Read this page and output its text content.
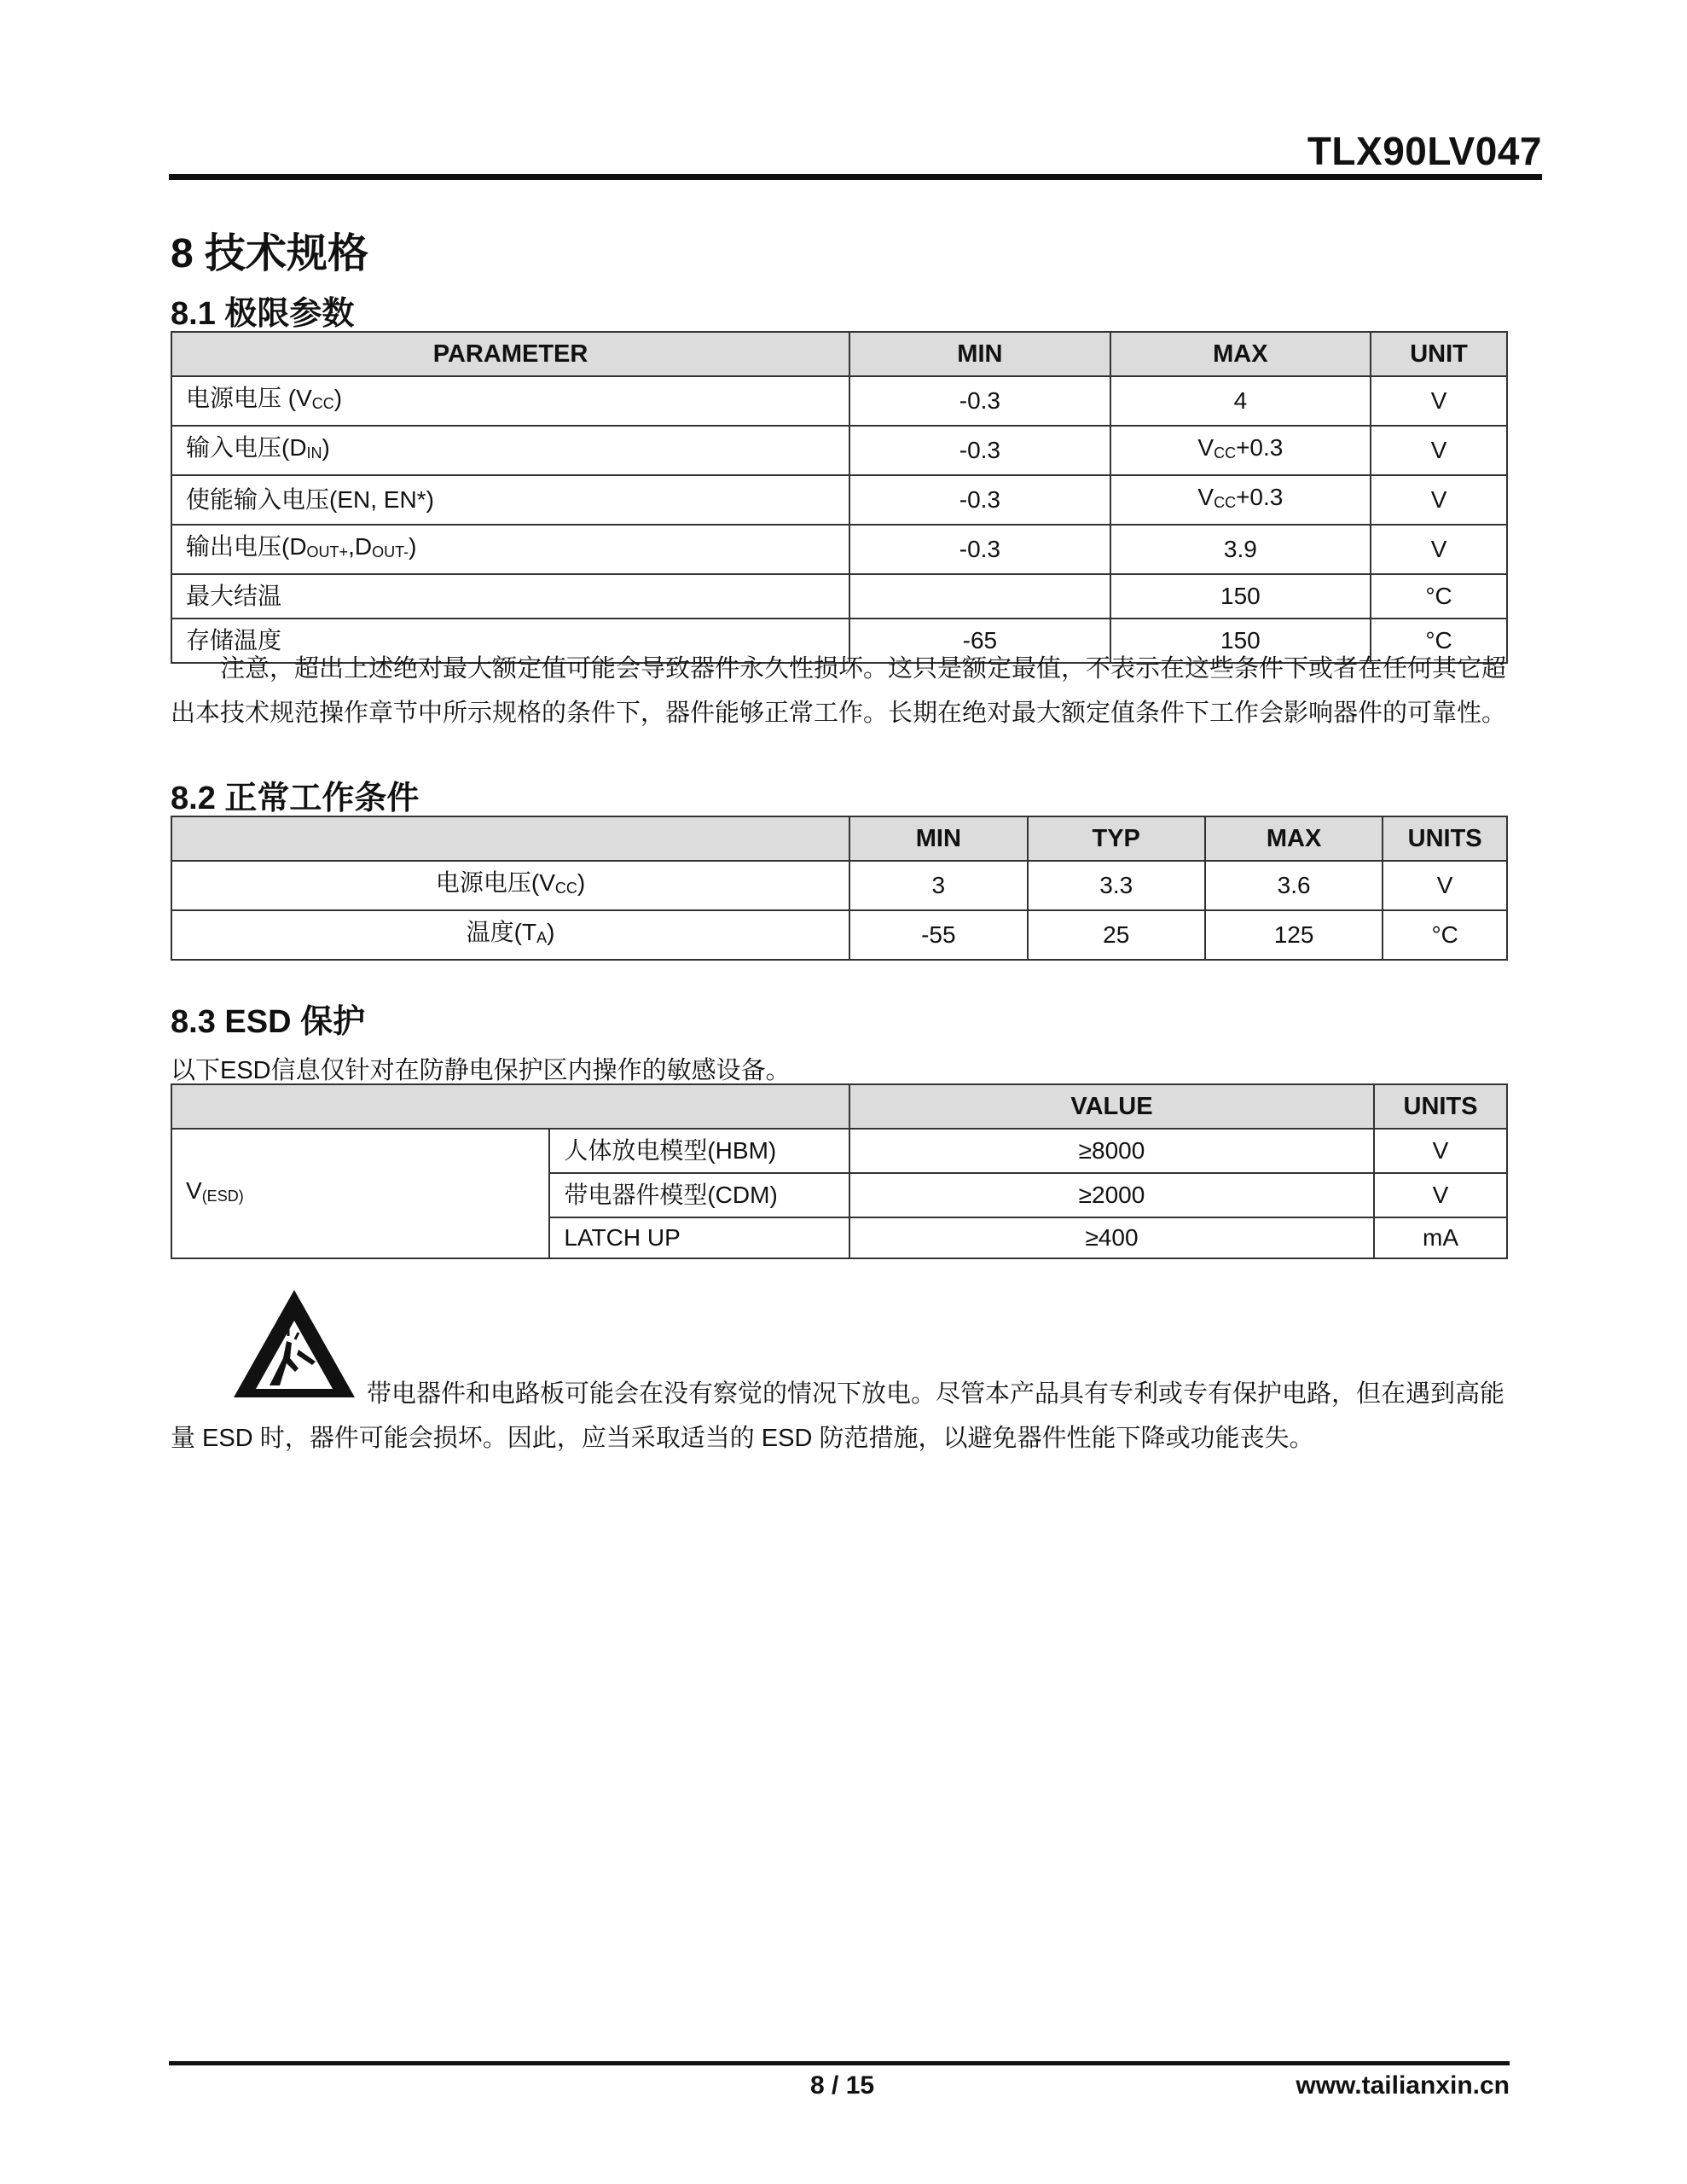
TLX90LV047
8 技术规格
8.1 极限参数
PARAMETER	MIN	MAX	UNIT
电源电压 $(V_{CC})$	-0.3	4	V
输入电压$(D_{IN})$	-0.3	$V_{CC}+0.3$	V
使能输入电压(EN, EN*)	-0.3	$V_{CC}+0.3$	V
输出电压$(D_{OUT+},D_{OUT-})$	-0.3	3.9	V
最大结温		150	°C
存储温度	-65	150	°C

注意，超出上述绝对最大额定值可能会导致器件永久性损坏。这只是额定最值，不表示在这些条件下或者在任何其它超

出本技术规范操作章节中所示规格的条件下，器件能够正常工作。长期在绝对最大额定值条件下工作会影响器件的可靠性。

8.2 正常工作条件
	MIN	TYP	MAX	UNITS
电源电压$(V_{CC})$	3	3.3	3.6	V
温度$(T_A)$	-55	25	125	°C
8.3 ESD 保护
以下ESD信息仅针对在防静电保护区内操作的敏感设备。
		VALUE	UNITS
$V_{(ESD)}$	人体放电模型(HBM)	≥8000	V
	带电器件模型(CDM)	≥2000	V
	LATCH UP	≥400	mA

带电器件和电路板可能会在没有察觉的情况下放电。尽管本产品具有专利或专有保护电路，但在遇到高能

量 ESD 时，器件可能会损坏。因此，应当采取适当的 ESD 防范措施，以避免器件性能下降或功能丧失。

8 / 15	www.tailianxin.cn
